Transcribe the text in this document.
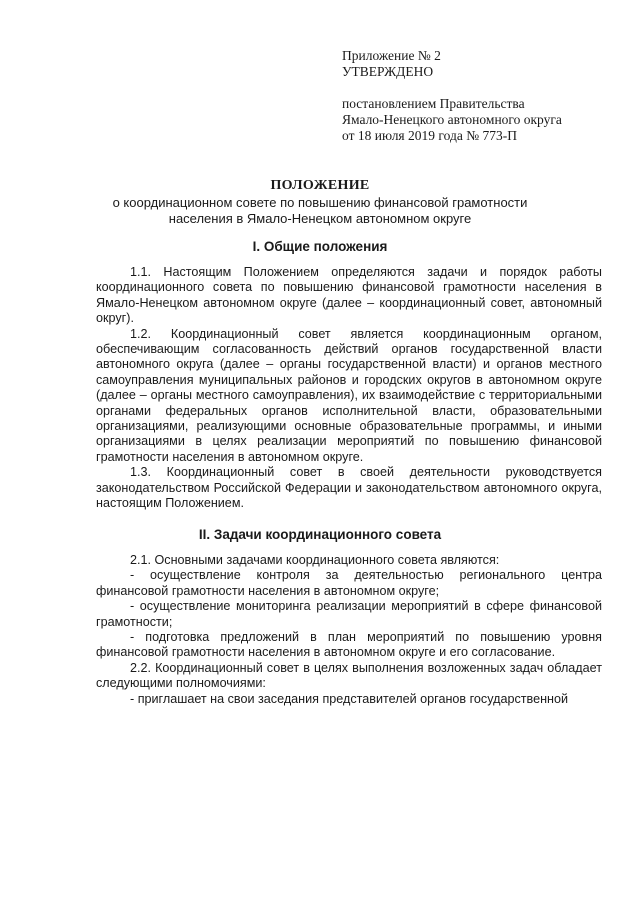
Приложение № 2
УТВЕРЖДЕНО
постановлением Правительства
Ямало-Ненецкого автономного округа
от 18 июля 2019 года № 773-П
ПОЛОЖЕНИЕ
о координационном совете по повышению финансовой грамотности населения в Ямало-Ненецком автономном округе
I. Общие положения

1.1. Настоящим Положением определяются задачи и порядок работы координационного совета по повышению финансовой грамотности населения в Ямало-Ненецком автономном округе (далее – координационный совет, автономный округ).

1.2. Координационный совет является координационным органом, обеспечивающим согласованность действий органов государственной власти автономного округа (далее – органы государственной власти) и органов местного самоуправления муниципальных районов и городских округов в автономном округе (далее – органы местного самоуправления), их взаимодействие с территориальными органами федеральных органов исполнительной власти, образовательными организациями, реализующими основные образовательные программы, и иными организациями в целях реализации мероприятий по повышению финансовой грамотности населения в автономном округе.

1.3. Координационный совет в своей деятельности руководствуется законодательством Российской Федерации и законодательством автономного округа, настоящим Положением.

II. Задачи координационного совета

2.1. Основными задачами координационного совета являются:

- осуществление контроля за деятельностью регионального центра финансовой грамотности населения в автономном округе;

- осуществление мониторинга реализации мероприятий в сфере финансовой грамотности;

- подготовка предложений в план мероприятий по повышению уровня финансовой грамотности населения в автономном округе и его согласование.

2.2. Координационный совет в целях выполнения возложенных задач обладает следующими полномочиями:

- приглашает на свои заседания представителей органов государственной
